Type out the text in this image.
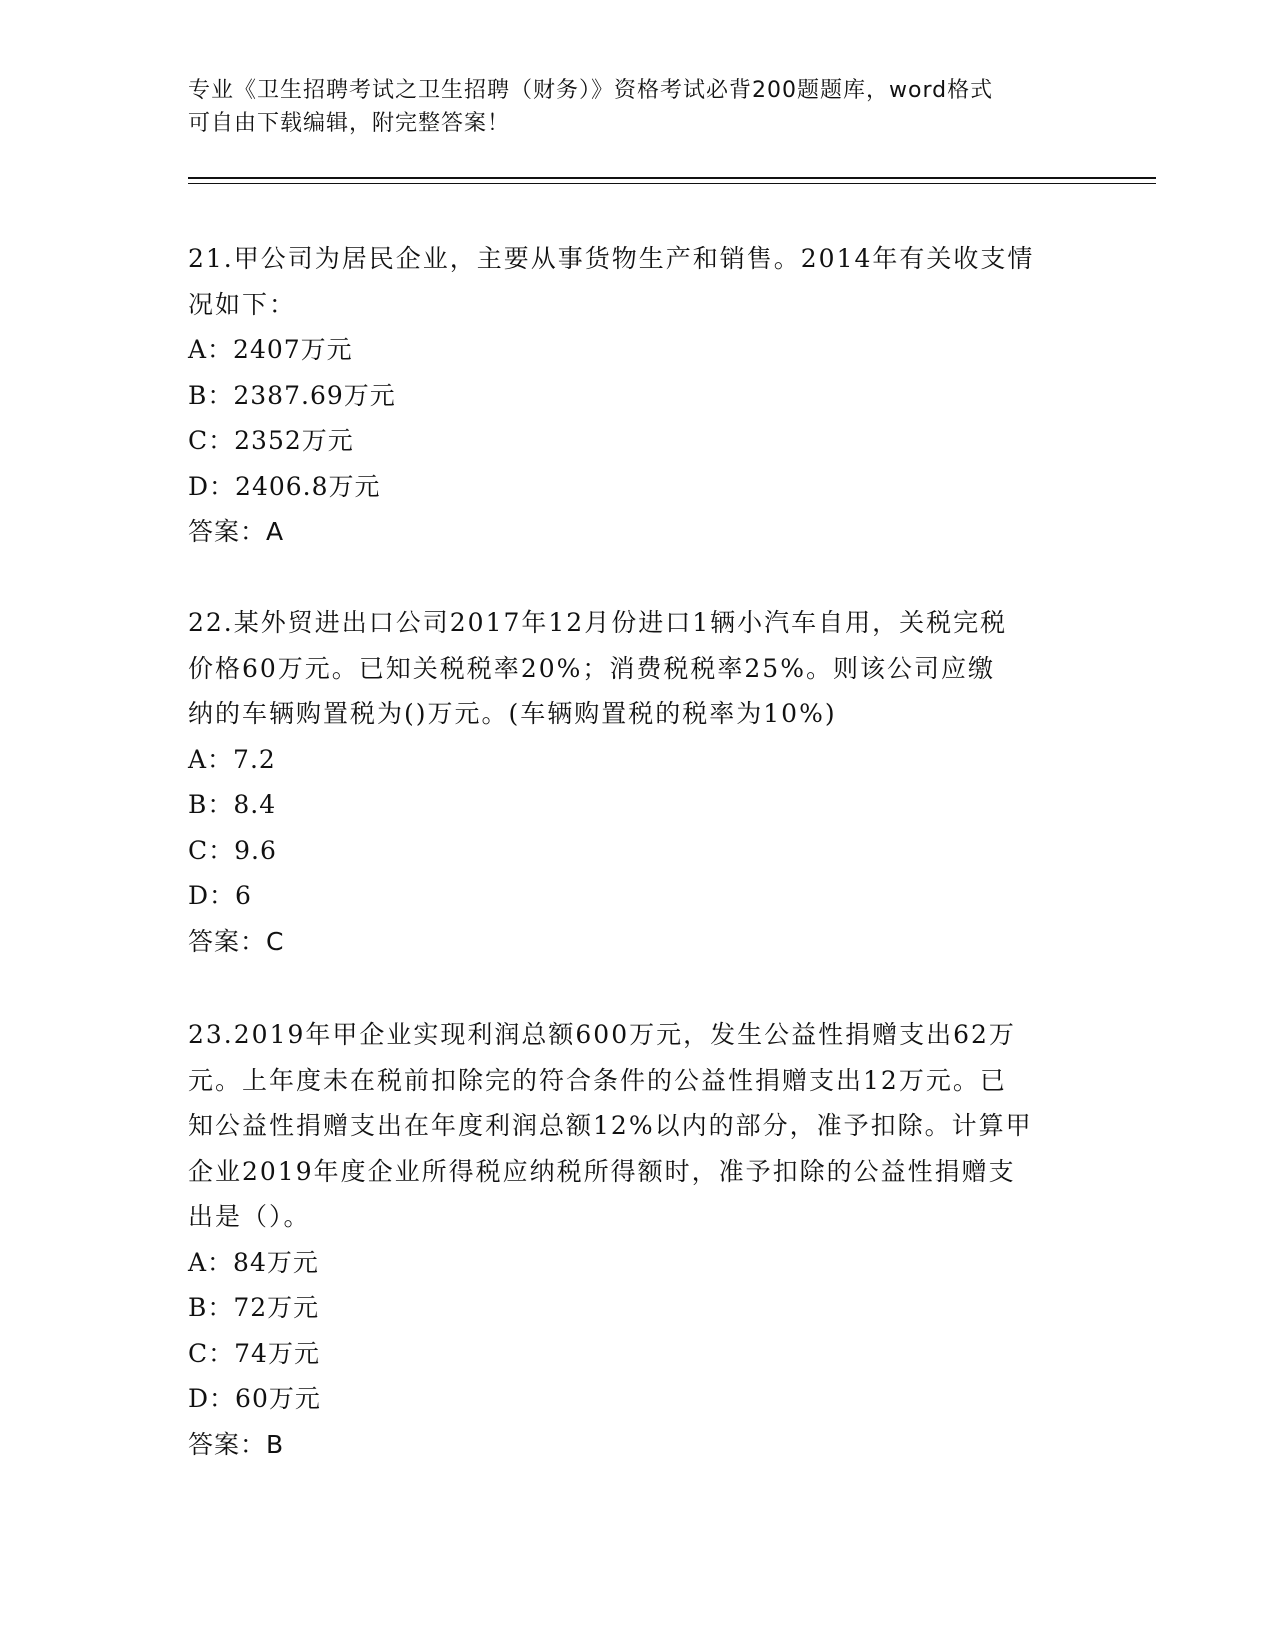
专业《卫生招聘考试之卫生招聘（财务）》资格考试必背200题题库，word格式
可自由下载编辑，附完整答案！

21.甲公司为居民企业，主要从事货物生产和销售。2014年有关收支情

况如下：

A：2407万元

B：2387.69万元

C：2352万元

D：2406.8万元

答案：A

22.某外贸进出口公司2017年12月份进口1辆小汽车自用，关税完税

价格60万元。已知关税税率20%；消费税税率25%。则该公司应缴

纳的车辆购置税为()万元。(车辆购置税的税率为10%)

A：7.2

B：8.4

C：9.6

D：6

答案：C

23.2019年甲企业实现利润总额600万元，发生公益性捐赠支出62万

元。上年度未在税前扣除完的符合条件的公益性捐赠支出12万元。已

知公益性捐赠支出在年度利润总额12%以内的部分，准予扣除。计算甲

企业2019年度企业所得税应纳税所得额时，准予扣除的公益性捐赠支

出是（）。

A：84万元

B：72万元

C：74万元

D：60万元

答案：B
